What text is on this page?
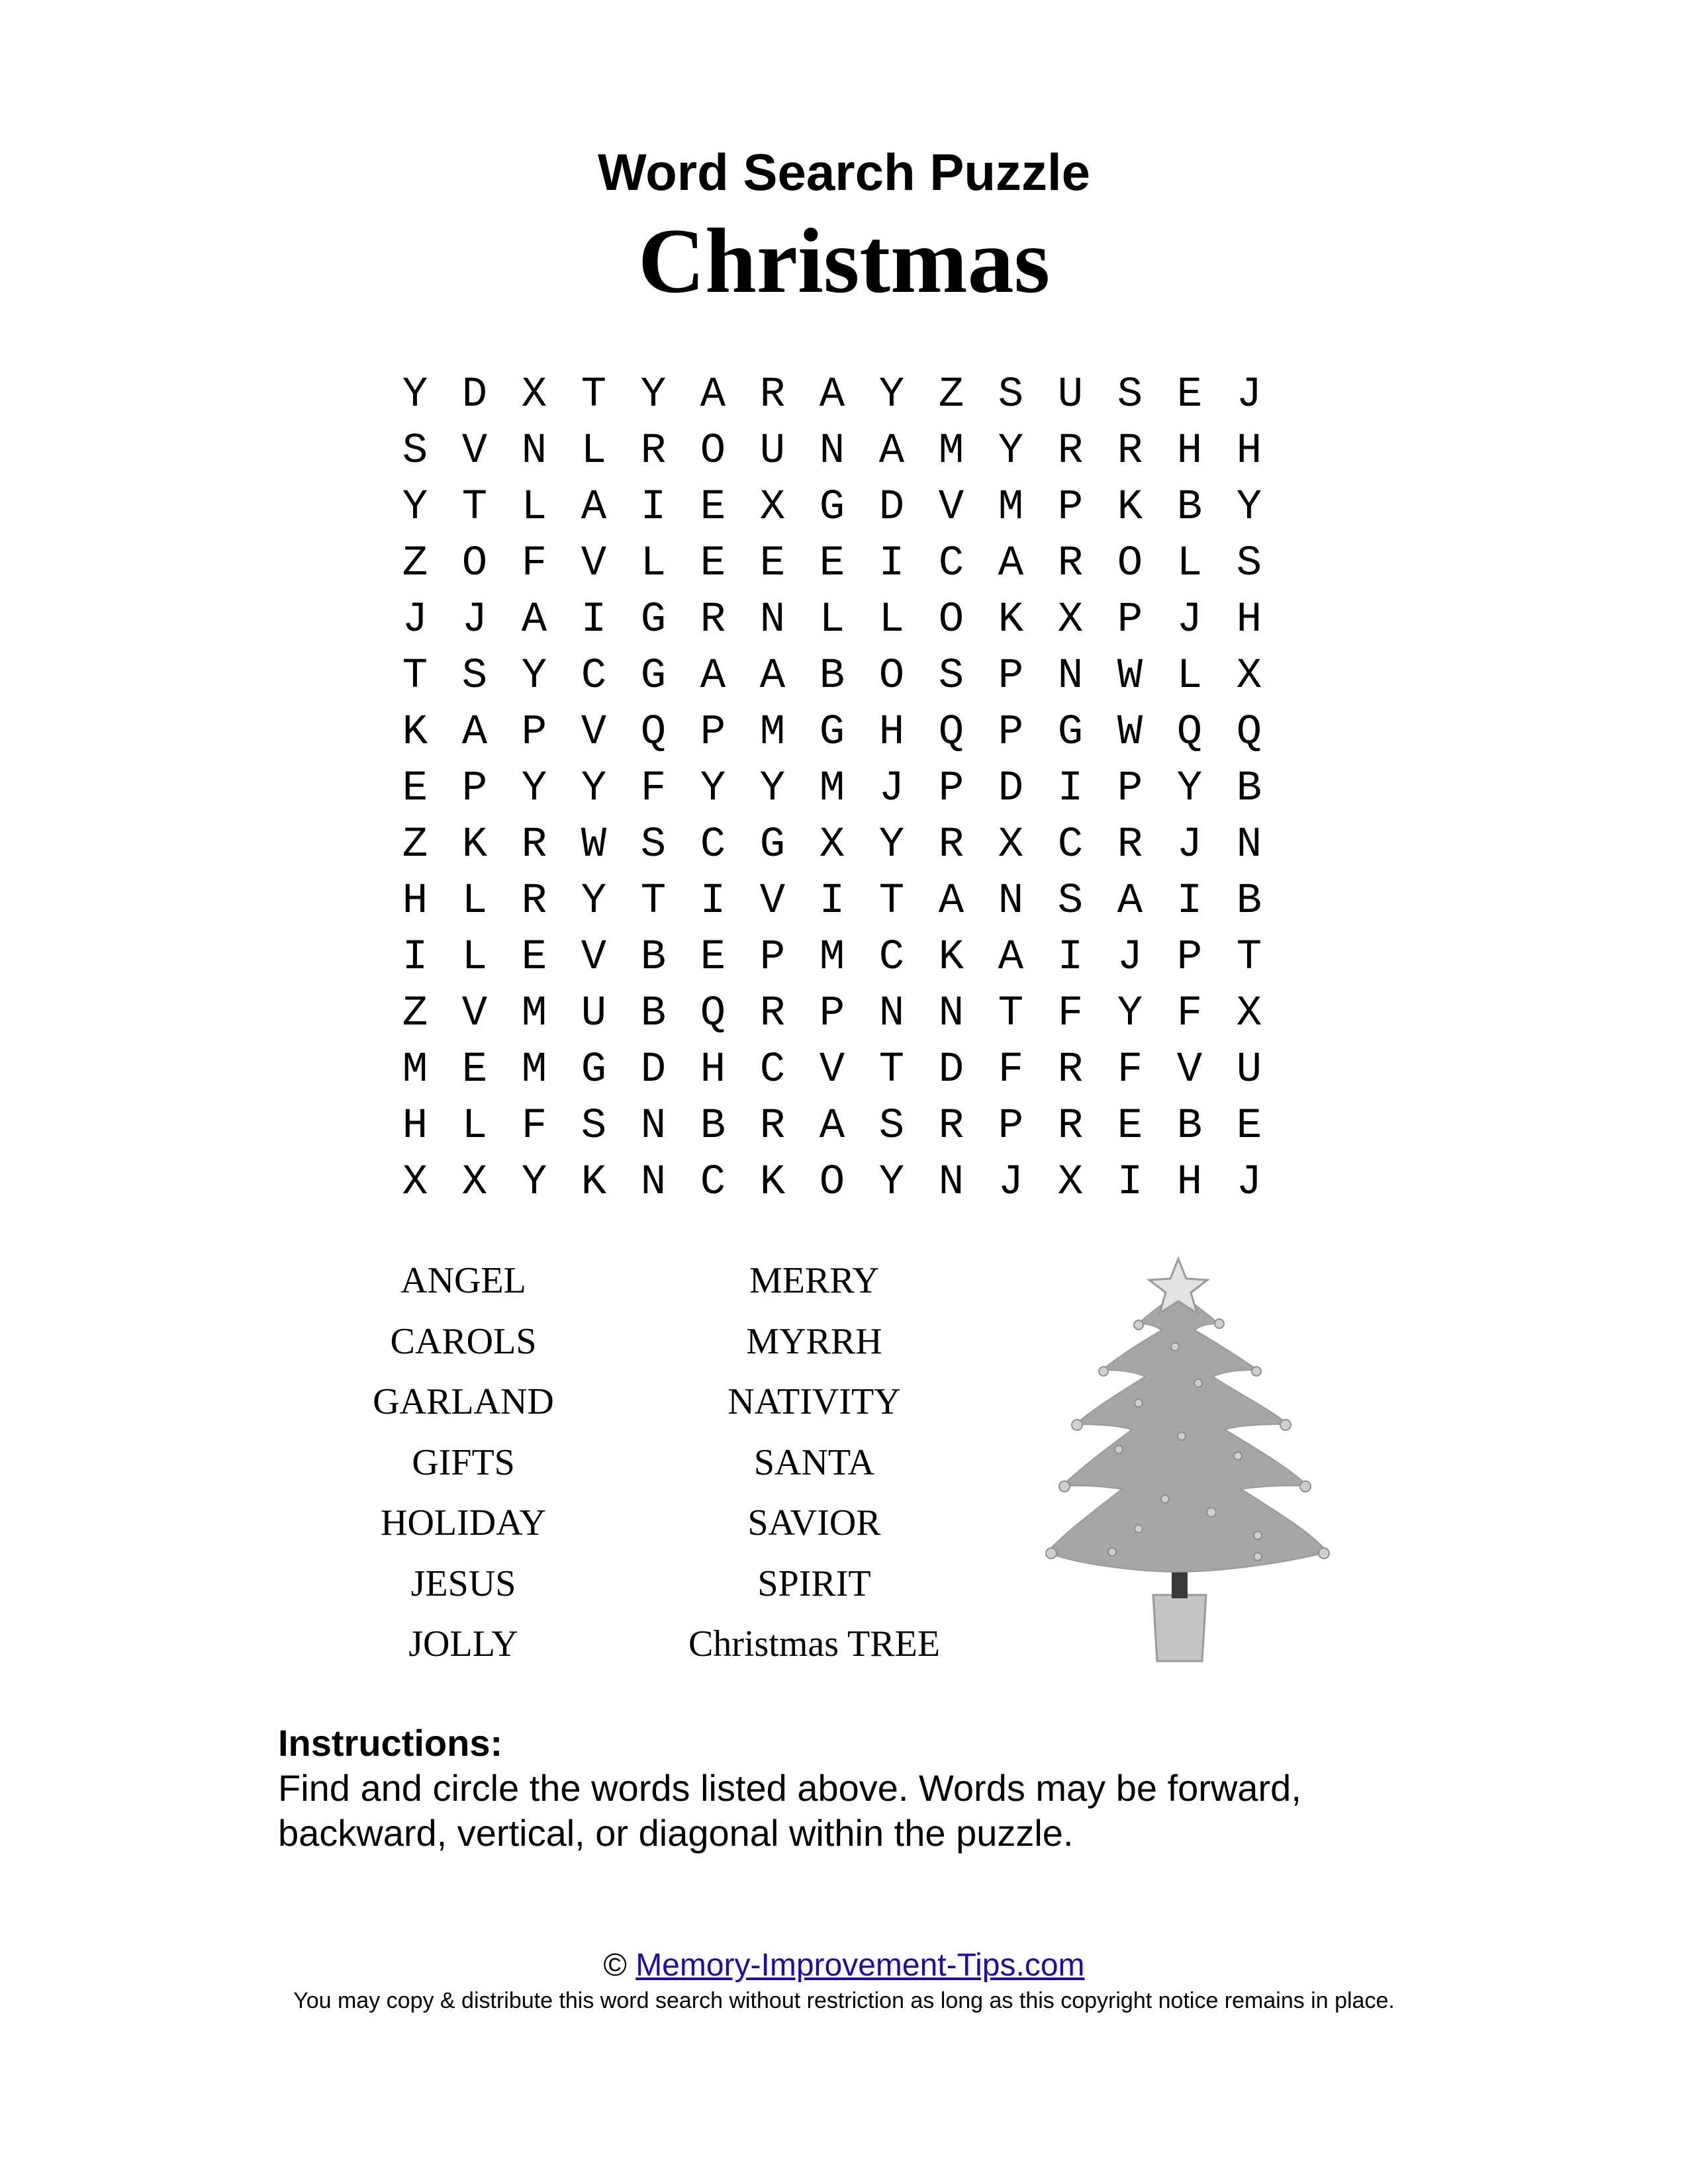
Word Search Puzzle
Christmas
Y D X T Y A R A Y Z S U S E J
S V N L R O U N A M Y R R H H
Y T L A I E X G D V M P K B Y
Z O F V L E E E I C A R O L S
J J A I G R N L L O K X P J H
T S Y C G A A B O S P N W L X
K A P V Q P M G H Q P G W Q Q
E P Y Y F Y Y M J P D I P Y B
Z K R W S C G X Y R X C R J N
H L R Y T I V I T A N S A I B
I L E V B E P M C K A I J P T
Z V M U B Q R P N N T F Y F X
M E M G D H C V T D F R F V U
H L F S N B R A S R P R E B E
X X Y K N C K O Y N J X I H J
ANGEL
CAROLS
GARLAND
GIFTS
HOLIDAY
JESUS
JOLLY
MERRY
MYRRH
NATIVITY
SANTA
SAVIOR
SPIRIT
Christmas TREE

Instructions:

Find and circle the words listed above. Words may be forward, backward, vertical, or diagonal within the puzzle.

© Memory-Improvement-Tips.com
You may copy & distribute this word search without restriction as long as this copyright notice remains in place.
